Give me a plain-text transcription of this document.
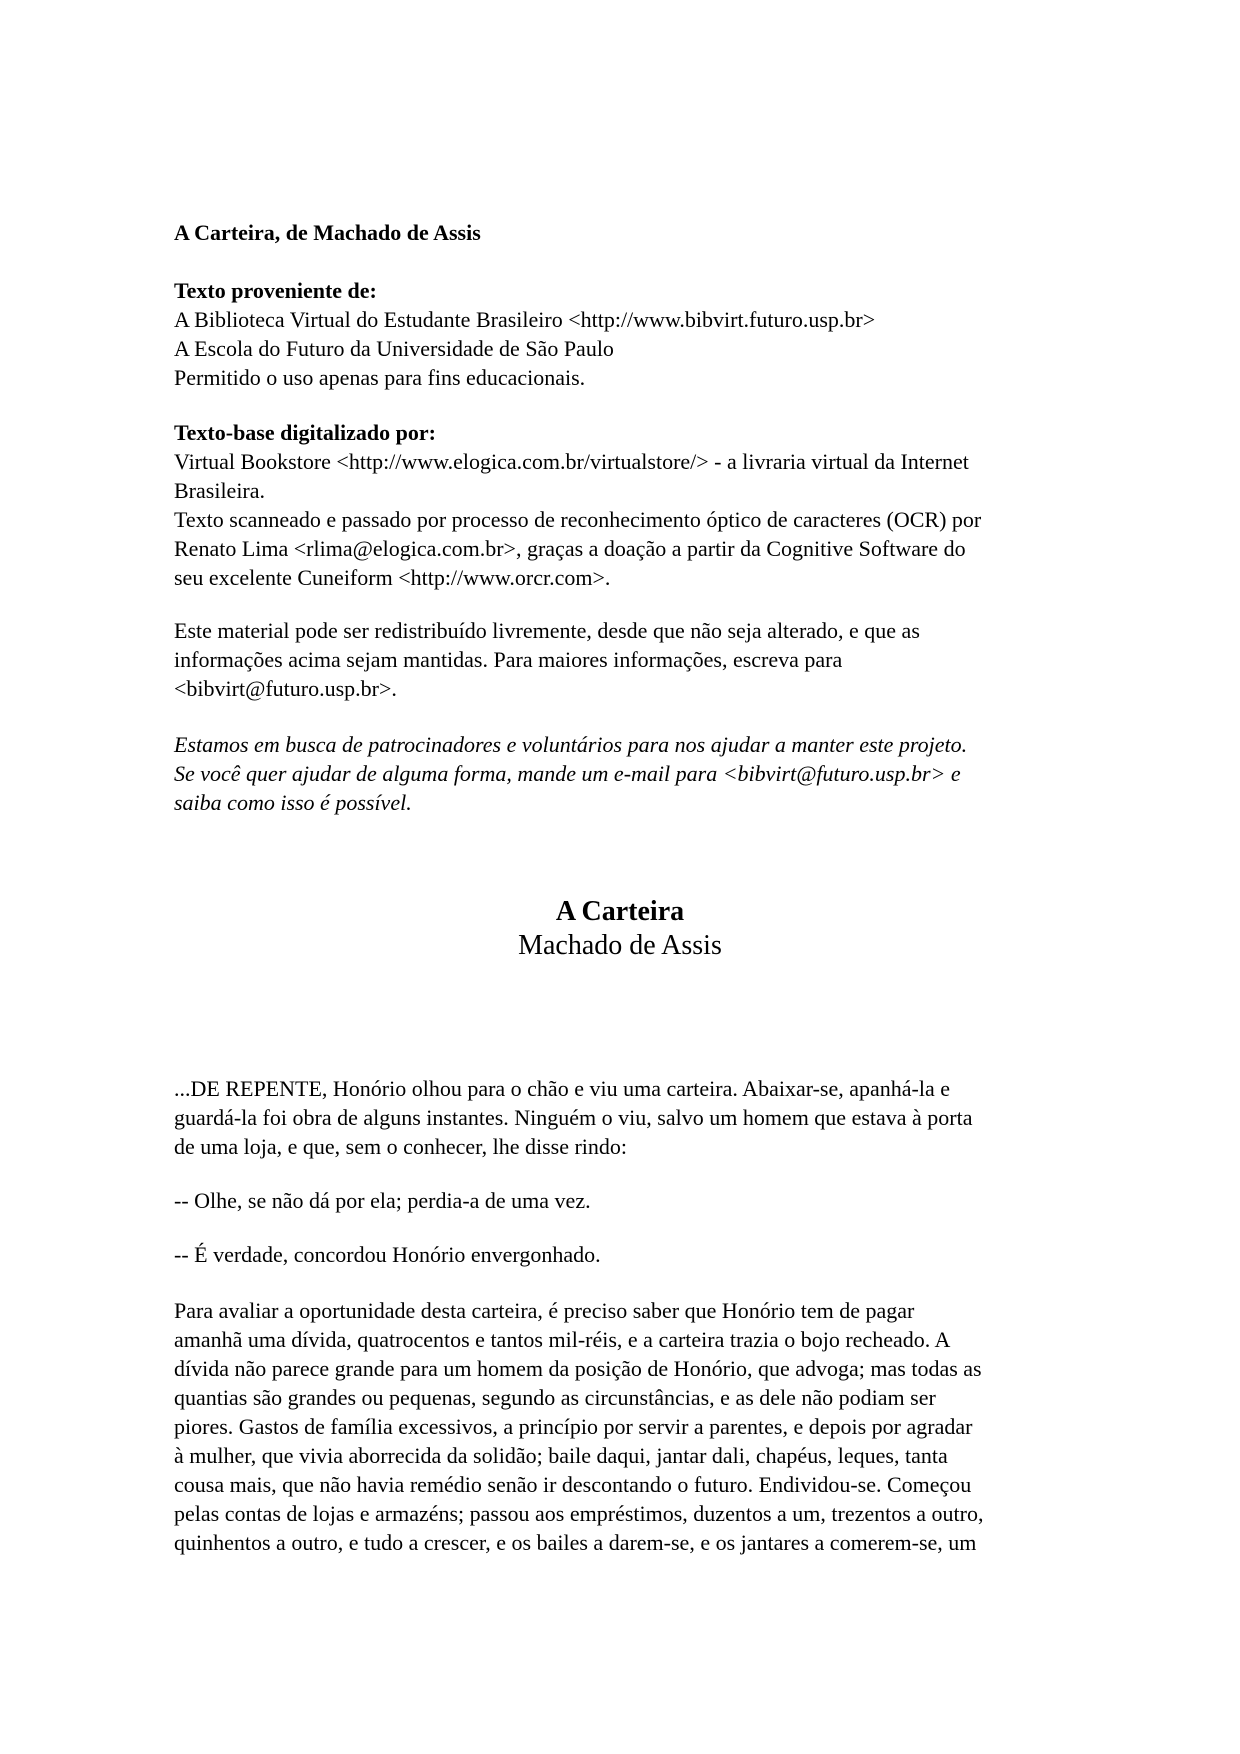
A Carteira, de Machado de Assis
Texto proveniente de:
A Biblioteca Virtual do Estudante Brasileiro <http://www.bibvirt.futuro.usp.br>
A Escola do Futuro da Universidade de São Paulo
Permitido o uso apenas para fins educacionais.
Texto-base digitalizado por:
Virtual Bookstore <http://www.elogica.com.br/virtualstore/> - a livraria virtual da Internet
Brasileira.
Texto scanneado e passado por processo de reconhecimento óptico de caracteres (OCR) por
Renato Lima <rlima@elogica.com.br>, graças a doação a partir da Cognitive Software do
seu excelente Cuneiform <http://www.orcr.com>.
Este material pode ser redistribuído livremente, desde que não seja alterado, e que as
informações acima sejam mantidas. Para maiores informações, escreva para
<bibvirt@futuro.usp.br>.
Estamos em busca de patrocinadores e voluntários para nos ajudar a manter este projeto.
Se você quer ajudar de alguma forma, mande um e-mail para <bibvirt@futuro.usp.br> e
saiba como isso é possível.
A Carteira
Machado de Assis
...DE REPENTE, Honório olhou para o chão e viu uma carteira. Abaixar-se, apanhá-la e
guardá-la foi obra de alguns instantes. Ninguém o viu, salvo um homem que estava à porta
de uma loja, e que, sem o conhecer, lhe disse rindo:
-- Olhe, se não dá por ela; perdia-a de uma vez.
-- É verdade, concordou Honório envergonhado.
Para avaliar a oportunidade desta carteira, é preciso saber que Honório tem de pagar
amanhã uma dívida, quatrocentos e tantos mil-réis, e a carteira trazia o bojo recheado. A
dívida não parece grande para um homem da posição de Honório, que advoga; mas todas as
quantias são grandes ou pequenas, segundo as circunstâncias, e as dele não podiam ser
piores. Gastos de família excessivos, a princípio por servir a parentes, e depois por agradar
à mulher, que vivia aborrecida da solidão; baile daqui, jantar dali, chapéus, leques, tanta
cousa mais, que não havia remédio senão ir descontando o futuro. Endividou-se. Começou
pelas contas de lojas e armazéns; passou aos empréstimos, duzentos a um, trezentos a outro,
quinhentos a outro, e tudo a crescer, e os bailes a darem-se, e os jantares a comerem-se, um
